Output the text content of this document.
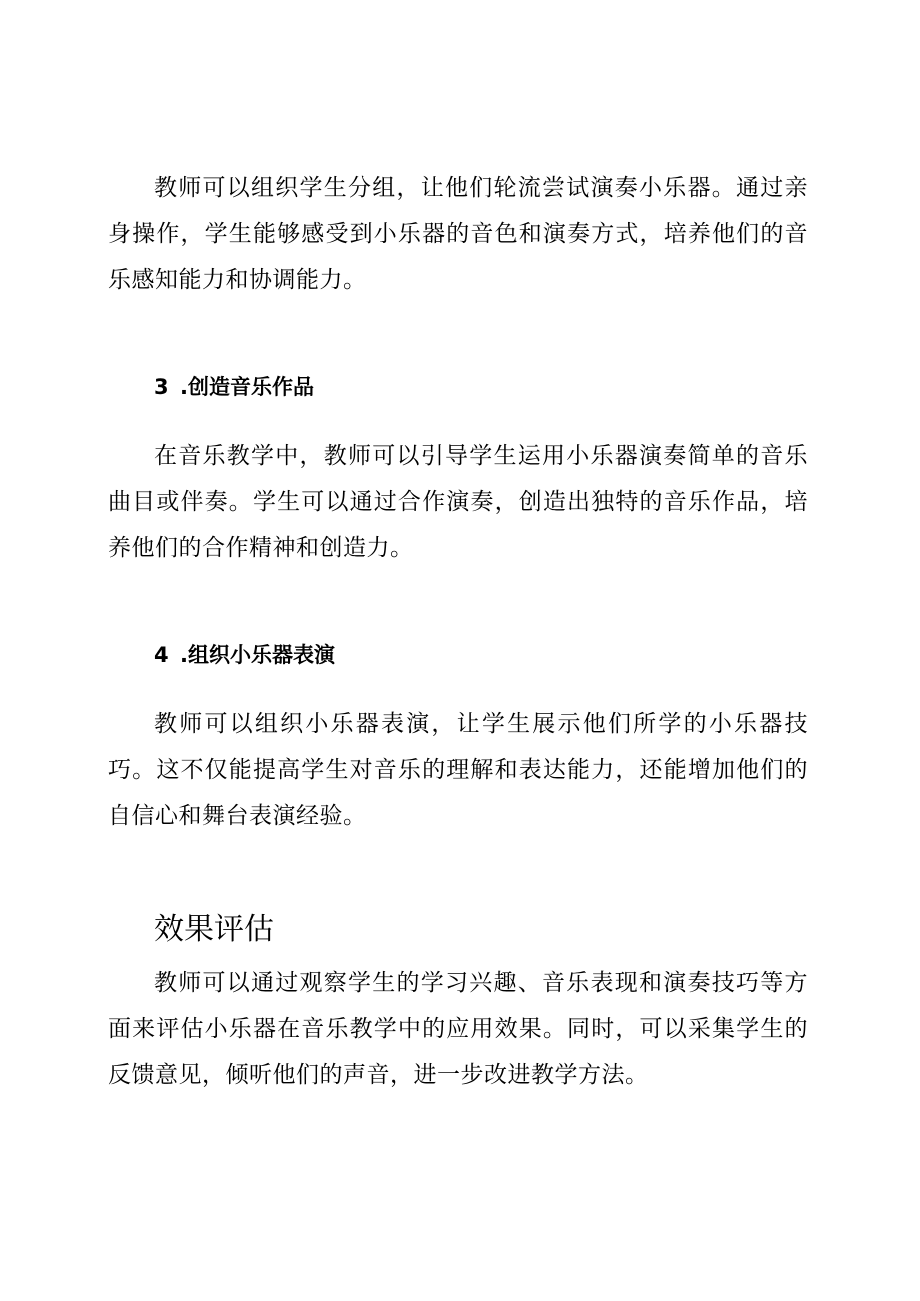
教师可以组织学生分组，让他们轮流尝试演奏小乐器。通过亲身操作，学生能够感受到小乐器的音色和演奏方式，培养他们的音乐感知能力和协调能力。

3 .创造音乐作品

在音乐教学中，教师可以引导学生运用小乐器演奏简单的音乐曲目或伴奏。学生可以通过合作演奏，创造出独特的音乐作品，培养他们的合作精神和创造力。

4 .组织小乐器表演

教师可以组织小乐器表演，让学生展示他们所学的小乐器技巧。这不仅能提高学生对音乐的理解和表达能力，还能增加他们的自信心和舞台表演经验。

效果评估

教师可以通过观察学生的学习兴趣、音乐表现和演奏技巧等方面来评估小乐器在音乐教学中的应用效果。同时，可以采集学生的反馈意见，倾听他们的声音，进一步改进教学方法。
